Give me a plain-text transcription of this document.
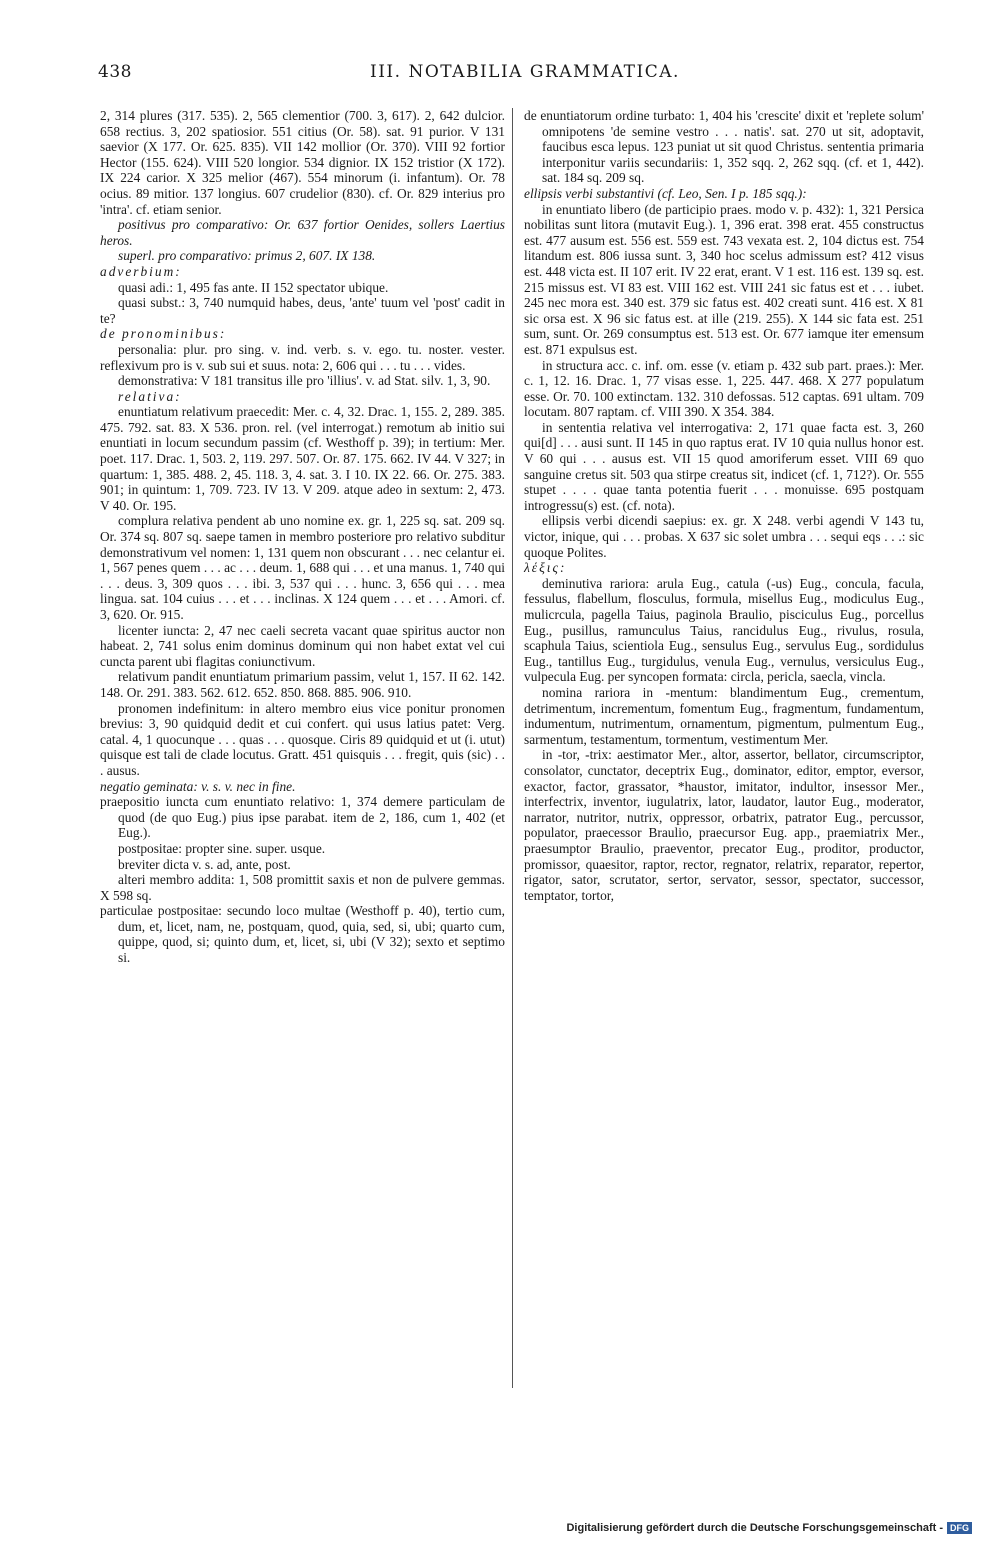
438	III. NOTABILIA GRAMMATICA.

2, 314 plures (317. 535). 2, 565 clementior (700. 3, 617). 2, 642 dulcior. 658 rectius. 3, 202 spatiosior. 551 citius (Or. 58). sat. 91 purior. V 131 saevior (X 177. Or. 625. 835). VII 142 mollior (Or. 370). VIII 92 fortior Hector (155. 624). VIII 520 longior. 534 dignior. IX 152 tristior (X 172). IX 224 carior. X 325 melior (467). 554 minorum (i. infantum). Or. 78 ocius. 89 mitior. 137 longius. 607 crudelior (830). cf. Or. 829 interius pro 'intra'. cf. etiam senior.

positivus pro comparativo: Or. 637 fortior Oenides, sollers Laertius heros.

superl. pro comparativo: primus 2, 607. IX 138.

adverbium:

quasi adi.: 1, 495 fas ante. II 152 spectator ubique.

quasi subst.: 3, 740 numquid habes, deus, 'ante' tuum vel 'post' cadit in te?

de pronominibus:

personalia: plur. pro sing. v. ind. verb. s. v. ego. tu. noster. vester. reflexivum pro is v. sub sui et suus. nota: 2, 606 qui . . . tu . . . vides.

demonstrativa: V 181 transitus ille pro 'illius'. v. ad Stat. silv. 1, 3, 90.

relativa:

enuntiatum relativum praecedit: Mer. c. 4, 32. Drac. 1, 155. 2, 289. 385. 475. 792. sat. 83. X 536. pron. rel. (vel interrogat.) remotum ab initio sui enuntiati in locum secundum passim (cf. Westhoff p. 39); in tertium: Mer. poet. 117. Drac. 1, 503. 2, 119. 297. 507. Or. 87. 175. 662. IV 44. V 327; in quartum: 1, 385. 488. 2, 45. 118. 3, 4. sat. 3. I 10. IX 22. 66. Or. 275. 383. 901; in quintum: 1, 709. 723. IV 13. V 209. atque adeo in sextum: 2, 473. V 40. Or. 195.

complura relativa pendent ab uno nomine ex. gr. 1, 225 sq. sat. 209 sq. Or. 374 sq. 807 sq. saepe tamen in membro posteriore pro relativo subditur demonstrativum vel nomen: 1, 131 quem non obscurant . . . nec celantur ei. 1, 567 penes quem . . . ac . . . deum. 1, 688 qui . . . et una manus. 1, 740 qui . . . deus. 3, 309 quos . . . ibi. 3, 537 qui . . . hunc. 3, 656 qui . . . mea lingua. sat. 104 cuius . . . et . . . inclinas. X 124 quem . . . et . . . Amori. cf. 3, 620. Or. 915.

licenter iuncta: 2, 47 nec caeli secreta vacant quae spiritus auctor non habeat. 2, 741 solus enim dominus dominum qui non habet extat vel cui cuncta parent ubi flagitas coniunctivum.

relativum pandit enuntiatum primarium passim, velut 1, 157. II 62. 142. 148. Or. 291. 383. 562. 612. 652. 850. 868. 885. 906. 910.

pronomen indefinitum: in altero membro eius vice ponitur pronomen brevius: 3, 90 quidquid dedit et cui confert. qui usus latius patet: Verg. catal. 4, 1 quocunque . . . quas . . . quosque. Ciris 89 quidquid et ut (i. utut) quisque est tali de clade locutus. Gratt. 451 quisquis . . . fregit, quis (sic) . . . ausus.

negatio geminata: v. s. v. nec in fine.

praepositio iuncta cum enuntiato relativo: 1, 374 demere particulam de quod (de quo Eug.) pius ipse parabat. item de 2, 186, cum 1, 402 (et Eug.).

postpositae: propter sine. super. usque.

breviter dicta v. s. ad, ante, post.

alteri membro addita: 1, 508 promittit saxis et non de pulvere gemmas. X 598 sq.

particulae postpositae: secundo loco multae (Westhoff p. 40), tertio cum, dum, et, licet, nam, ne, postquam, quod, quia, sed, si, ubi; quarto cum, quippe, quod, si; quinto dum, et, licet, si, ubi (V 32); sexto et septimo si.

de enuntiatorum ordine turbato: 1, 404 his 'crescite' dixit et 'replete solum' omnipotens 'de semine vestro . . . natis'. sat. 270 ut sit, adoptavit, faucibus esca lepus. 123 puniat ut sit quod Christus. sententia primaria interponitur variis secundariis: 1, 352 sqq. 2, 262 sqq. (cf. et 1, 442). sat. 184 sq. 209 sq.

ellipsis verbi substantivi (cf. Leo, Sen. I p. 185 sqq.):

in enuntiato libero (de participio praes. modo v. p. 432): 1, 321 Persica nobilitas sunt litora (mutavit Eug.). 1, 396 erat. 398 erat. 455 constructus est. 477 ausum est. 556 est. 559 est. 743 vexata est. 2, 104 dictus est. 754 litandum est. 806 iussa sunt. 3, 340 hoc scelus admissum est? 412 visus est. 448 victa est. II 107 erit. IV 22 erat, erant. V 1 est. 116 est. 139 sq. est. 215 missus est. VI 83 est. VIII 162 est. VIII 241 sic fatus est et . . . iubet. 245 nec mora est. 340 est. 379 sic fatus est. 402 creati sunt. 416 est. X 81 sic orsa est. X 96 sic fatus est. at ille (219. 255). X 144 sic fata est. 251 sum, sunt. Or. 269 consumptus est. 513 est. Or. 677 iamque iter emensum est. 871 expulsus est.

in structura acc. c. inf. om. esse (v. etiam p. 432 sub part. praes.): Mer. c. 1, 12. 16. Drac. 1, 77 visas esse. 1, 225. 447. 468. X 277 populatum esse. Or. 70. 100 extinctam. 132. 310 defossas. 512 captas. 691 ultam. 709 locutam. 807 raptam. cf. VIII 390. X 354. 384.

in sententia relativa vel interrogativa: 2, 171 quae facta est. 3, 260 qui[d] . . . ausi sunt. II 145 in quo raptus erat. IV 10 quia nullus honor est. V 60 qui . . . ausus est. VII 15 quod amoriferum esset. VIII 69 quo sanguine cretus sit. 503 qua stirpe creatus sit, indicet (cf. 1, 712?). Or. 555 stupet . . . . quae tanta potentia fuerit . . . monuisse. 695 postquam introgressu(s) est. (cf. nota).

ellipsis verbi dicendi saepius: ex. gr. X 248. verbi agendi V 143 tu, victor, inique, qui . . . probas. X 637 sic solet umbra . . . sequi eqs . . .: sic quoque Polites.

λέξις:

deminutiva rariora: arula Eug., catula (-us) Eug., concula, facula, fessulus, flabellum, flosculus, formula, misellus Eug., modiculus Eug., mulicrcula, pagella Taius, paginola Braulio, pisciculus Eug., porcellus Eug., pusillus, ramunculus Taius, rancidulus Eug., rivulus, rosula, scaphula Taius, scientiola Eug., sensulus Eug., servulus Eug., sordidulus Eug., tantillus Eug., turgidulus, venula Eug., vernulus, versiculus Eug., vulpecula Eug. per syncopen formata: circla, pericla, saecla, vincla.

nomina rariora in -mentum: blandimentum Eug., crementum, detrimentum, incrementum, fomentum Eug., fragmentum, fundamentum, indumentum, nutrimentum, ornamentum, pigmentum, pulmentum Eug., sarmentum, testamentum, tormentum, vestimentum Mer.

in -tor, -trix: aestimator Mer., altor, assertor, bellator, circumscriptor, consolator, cunctator, deceptrix Eug., dominator, editor, emptor, eversor, exactor, factor, grassator, *haustor, imitator, indultor, insessor Mer., interfectrix, inventor, iugulatrix, lator, laudator, lautor Eug., moderator, narrator, nutritor, nutrix, oppressor, orbatrix, patrator Eug., percussor, populator, praecessor Braulio, praecursor Eug. app., praemiatrix Mer., praesumptor Braulio, praeventor, precator Eug., proditor, productor, promissor, quaesitor, raptor, rector, regnator, relatrix, reparator, repertor, rigator, sator, scrutator, sertor, servator, sessor, spectator, successor, temptator, tortor,

Digitalisierung gefördert durch die Deutsche Forschungsgemeinschaft - DFG
